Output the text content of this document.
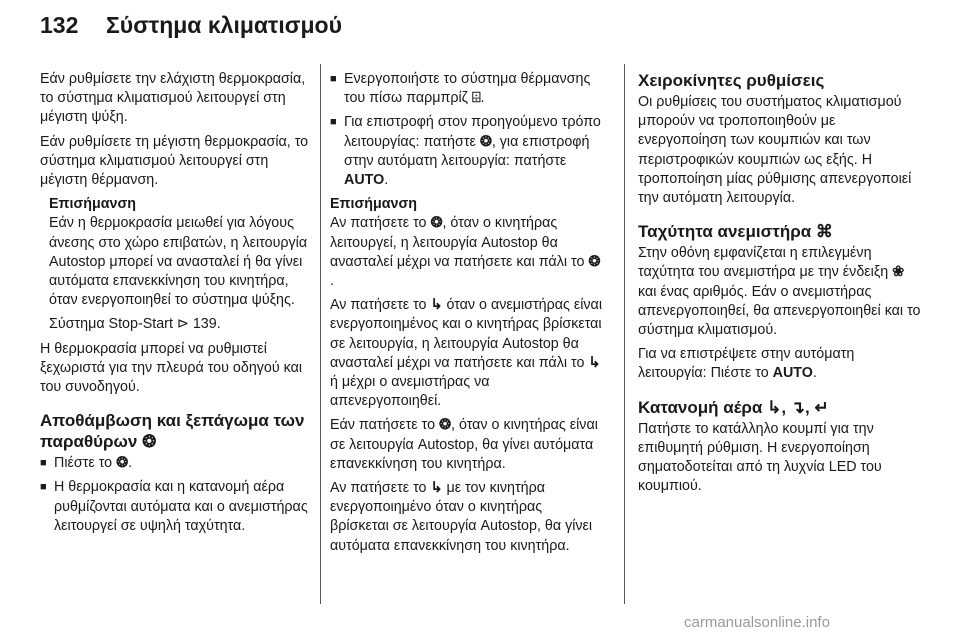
132 Σύστημα κλιματισμού

Εάν ρυθμίσετε την ελάχιστη θερμοκρασία, το σύστημα κλιματισμού λειτουργεί στη μέγιστη ψύξη.

Εάν ρυθμίσετε τη μέγιστη θερμοκρασία, το σύστημα κλιματισμού λειτουργεί στη μέγιστη θέρμανση.

Επισήμανση

Εάν η θερμοκρασία μειωθεί για λόγους άνεσης στο χώρο επιβατών, η λειτουργία Autostop μπορεί να ανασταλεί ή θα γίνει αυτόματα επανεκκίνηση του κινητήρα, όταν ενεργοποιηθεί το σύστημα ψύξης.

Σύστημα Stop-Start ⊳ 139.

Η θερμοκρασία μπορεί να ρυθμιστεί ξεχωριστά για την πλευρά του οδηγού και του συνοδηγού.

Αποθάμβωση και ξεπάγωμα των παραθύρων ❂
■ Πιέστε το ❂.
■ Η θερμοκρασία και η κατανομή αέρα ρυθμίζονται αυτόματα και ο ανεμιστήρας λειτουργεί σε υψηλή ταχύτητα.
■ Ενεργοποιήστε το σύστημα θέρμανσης του πίσω παρμπρίζ ⌹.
■ Για επιστροφή στον προηγούμενο τρόπο λειτουργίας: πατήστε ❂, για επιστροφή στην αυτόματη λειτουργία: πατήστε AUTO.

Επισήμανση

Αν πατήσετε το ❂, όταν ο κινητήρας λειτουργεί, η λειτουργία Autostop θα ανασταλεί μέχρι να πατήσετε και πάλι το ❂.

Αν πατήσετε το ↳ όταν ο ανεμιστήρας είναι ενεργοποιημένος και ο κινητήρας βρίσκεται σε λειτουργία, η λειτουργία Autostop θα ανασταλεί μέχρι να πατήσετε και πάλι το ↳ ή μέχρι ο ανεμιστήρας να απενεργοποιηθεί.

Εάν πατήσετε το ❂, όταν ο κινητήρας είναι σε λειτουργία Autostop, θα γίνει αυτόματα επανεκκίνηση του κινητήρα.

Αν πατήσετε το ↳ με τον κινητήρα ενεργοποιημένο όταν ο κινητήρας βρίσκεται σε λειτουργία Autostop, θα γίνει αυτόματα επανεκκίνηση του κινητήρα.

Χειροκίνητες ρυθμίσεις

Οι ρυθμίσεις του συστήματος κλιματισμού μπορούν να τροποποιηθούν με ενεργοποίηση των κουμπιών και των περιστροφικών κουμπιών ως εξής. Η τροποποίηση μίας ρύθμισης απενεργοποιεί την αυτόματη λειτουργία.

Ταχύτητα ανεμιστήρα ⌘

Στην οθόνη εμφανίζεται η επιλεγμένη ταχύτητα του ανεμιστήρα με την ένδειξη ❀ και ένας αριθμός. Εάν ο ανεμιστήρας απενεργοποιηθεί, θα απενεργοποιηθεί και το σύστημα κλιματισμού.

Για να επιστρέψετε στην αυτόματη λειτουργία: Πιέστε το AUTO.

Κατανομή αέρα ↳, ↴, ↵

Πατήστε το κατάλληλο κουμπί για την επιθυμητή ρύθμιση. Η ενεργοποίηση σηματοδοτείται από τη λυχνία LED του κουμπιού.

carmanualsonline.info
